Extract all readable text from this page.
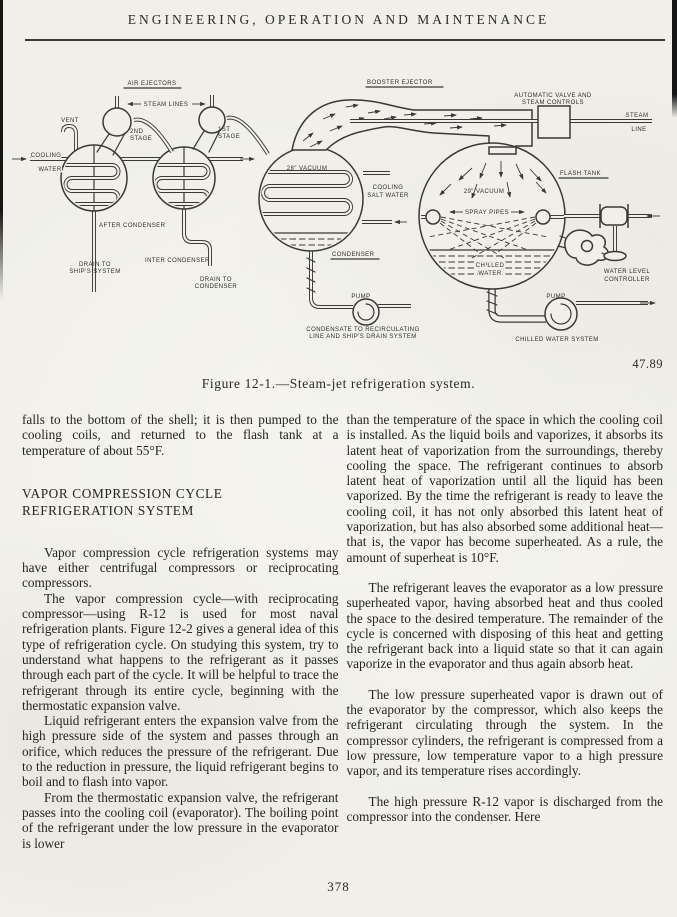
ENGINEERING, OPERATION AND MAINTENANCE
AIR EJECTORS
STEAM LINES
VENT
COOLING
WATER
2ND
STAGE
1ST
STAGE
AFTER CONDENSER
INTER CONDENSER
DRAIN TO
SHIP'S SYSTEM
DRAIN TO
CONDENSER
28" VACUUM
COOLING
SALT WATER
CONDENSER
BOOSTER EJECTOR
AUTOMATIC VALVE AND
STEAM CONTROLS
STEAM
LINE
FLASH TANK
29" VACUUM
SPRAY PIPES
CHILLED
WATER	WATER LEVEL
CONTROLLER
PUMP	PUMP
CONDENSATE TO RECIRCULATING
LINE AND SHIP'S DRAIN SYSTEM	CHILLED WATER SYSTEM
47.89
Figure 12-1.—Steam-jet refrigeration system.

falls to the bottom of the shell; it is then pumped to the cooling coils, and returned to the flash tank at a temperature of about 55°F.

VAPOR COMPRESSION CYCLE
REFRIGERATION SYSTEM

Vapor compression cycle refrigeration systems may have either centrifugal compressors or reciprocating compressors.

The vapor compression cycle—with reciprocating compressor—using R-12 is used for most naval refrigeration plants. Figure 12-2 gives a general idea of this type of refrigeration cycle. On studying this system, try to understand what happens to the refrigerant as it passes through each part of the cycle. It will be helpful to trace the refrigerant through its entire cycle, beginning with the thermostatic expansion valve.

Liquid refrigerant enters the expansion valve from the high pressure side of the system and passes through an orifice, which reduces the pressure of the refrigerant. Due to the reduction in pressure, the liquid refrigerant begins to boil and to flash into vapor.

From the thermostatic expansion valve, the refrigerant passes into the cooling coil (evaporator). The boiling point of the refrigerant under the low pressure in the evaporator is lower

than the temperature of the space in which the cooling coil is installed. As the liquid boils and vaporizes, it absorbs its latent heat of vaporization from the surroundings, thereby cooling the space. The refrigerant continues to absorb latent heat of vaporization until all the liquid has been vaporized. By the time the refrigerant is ready to leave the cooling coil, it has not only absorbed this latent heat of vaporization, but has also absorbed some additional heat—that is, the vapor has become superheated. As a rule, the amount of superheat is 10°F.

The refrigerant leaves the evaporator as a low pressure superheated vapor, having absorbed heat and thus cooled the space to the desired temperature. The remainder of the cycle is concerned with disposing of this heat and getting the refrigerant back into a liquid state so that it can again vaporize in the evaporator and thus again absorb heat.

The low pressure superheated vapor is drawn out of the evaporator by the compressor, which also keeps the refrigerant circulating through the system. In the compressor cylinders, the refrigerant is compressed from a low pressure, low temperature vapor to a high pressure vapor, and its temperature rises accordingly.

The high pressure R-12 vapor is discharged from the compressor into the condenser. Here

378
